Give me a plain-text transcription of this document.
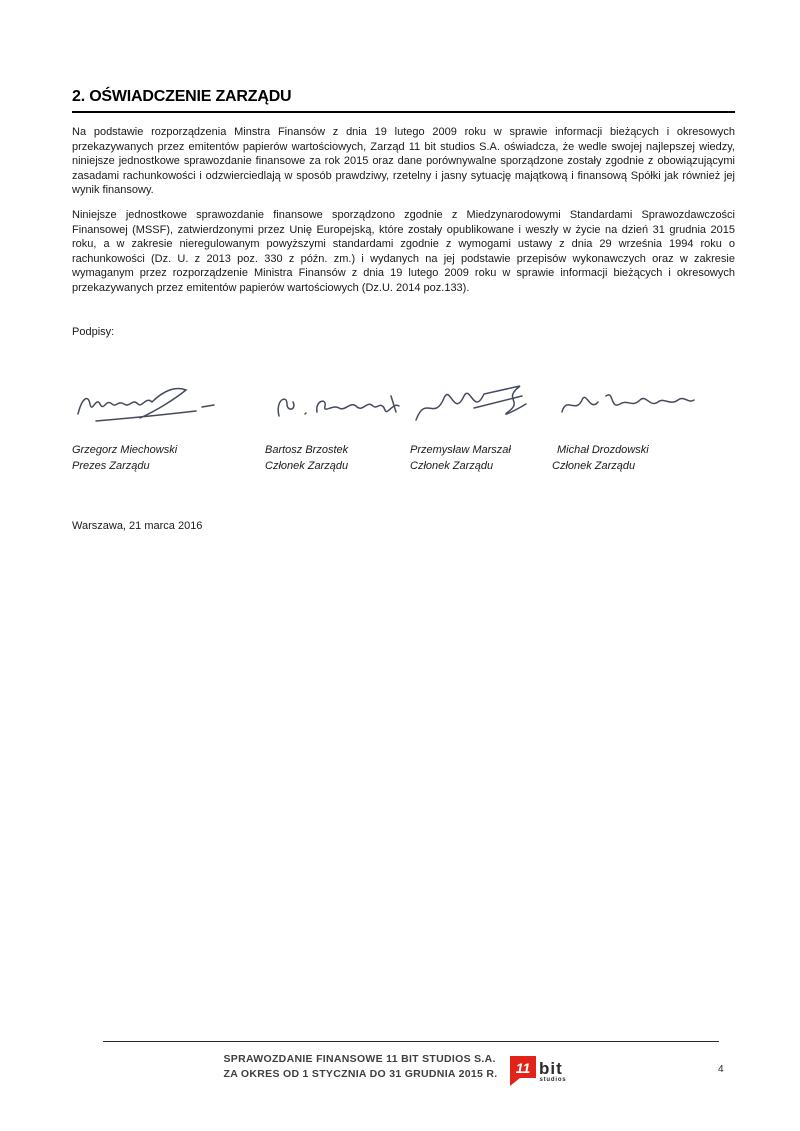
2. OŚWIADCZENIE ZARZĄDU

Na podstawie rozporządzenia Minstra Finansów z dnia 19 lutego 2009 roku w sprawie informacji bieżących i okresowych przekazywanych przez emitentów papierów wartościowych, Zarząd 11 bit studios S.A. oświadcza, że wedle swojej najlepszej wiedzy, niniejsze jednostkowe sprawozdanie finansowe za rok 2015 oraz dane porównywalne sporządzone zostały zgodnie z obowiązującymi zasadami rachunkowości i odzwierciedlają w sposób prawdziwy, rzetelny i jasny sytuację majątkową i finansową Spółki jak również jej wynik finansowy.

Niniejsze jednostkowe sprawozdanie finansowe sporządzono zgodnie z Miedzynarodowymi Standardami Sprawozdawczości Finansowej (MSSF), zatwierdzonymi przez Unię Europejską, które zostały opublikowane i weszły w życie na dzień 31 grudnia 2015 roku, a w zakresie nieregulowanym powyższymi standardami zgodnie z wymogami ustawy z dnia 29 września 1994 roku o rachunkowości (Dz. U. z 2013 poz. 330 z późn. zm.) i wydanych na jej podstawie przepisów wykonawczych oraz w zakresie wymaganym przez rozporządzenie Ministra Finansów z dnia 19 lutego 2009 roku w sprawie informacji bieżących i okresowych przekazywanych przez emitentów papierów wartościowych (Dz.U. 2014 poz.133).

Podpisy:
Grzegorz Miechowski
Prezes Zarządu
Bartosz Brzostek
Członek Zarządu
Przemysław Marszał
Członek Zarządu
Michał Drozdowski
Członek Zarządu
Warszawa, 21 marca 2016
SPRAWOZDANIE FINANSOWE 11 BIT STUDIOS S.A.
ZA OKRES OD 1 STYCZNIA DO 31 GRUDNIA 2015 R. 11 bit
studios
4
